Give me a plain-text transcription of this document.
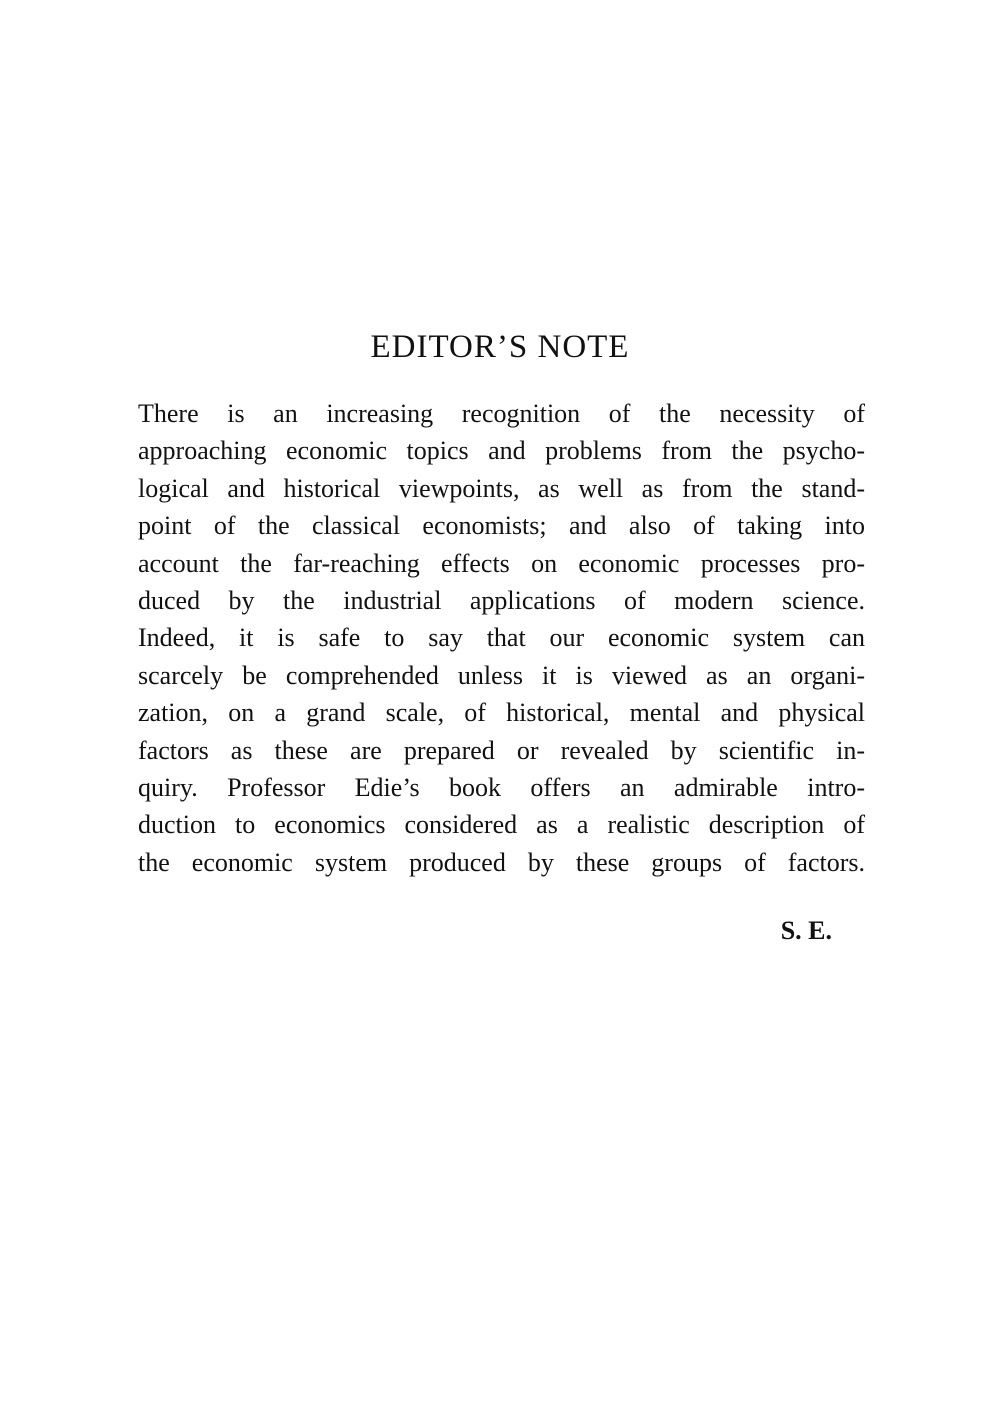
EDITOR’S NOTE
There is an increasing recognition of the necessity of
approaching economic topics and problems from the psycho-
logical and historical viewpoints, as well as from the stand-
point of the classical economists; and also of taking into
account the far-reaching effects on economic processes pro-
duced by the industrial applications of modern science.
Indeed, it is safe to say that our economic system can
scarcely be comprehended unless it is viewed as an organi-
zation, on a grand scale, of historical, mental and physical
factors as these are prepared or revealed by scientific in-
quiry. Professor Edie’s book offers an admirable intro-
duction to economics considered as a realistic description of
the economic system produced by these groups of factors.

S. E.
